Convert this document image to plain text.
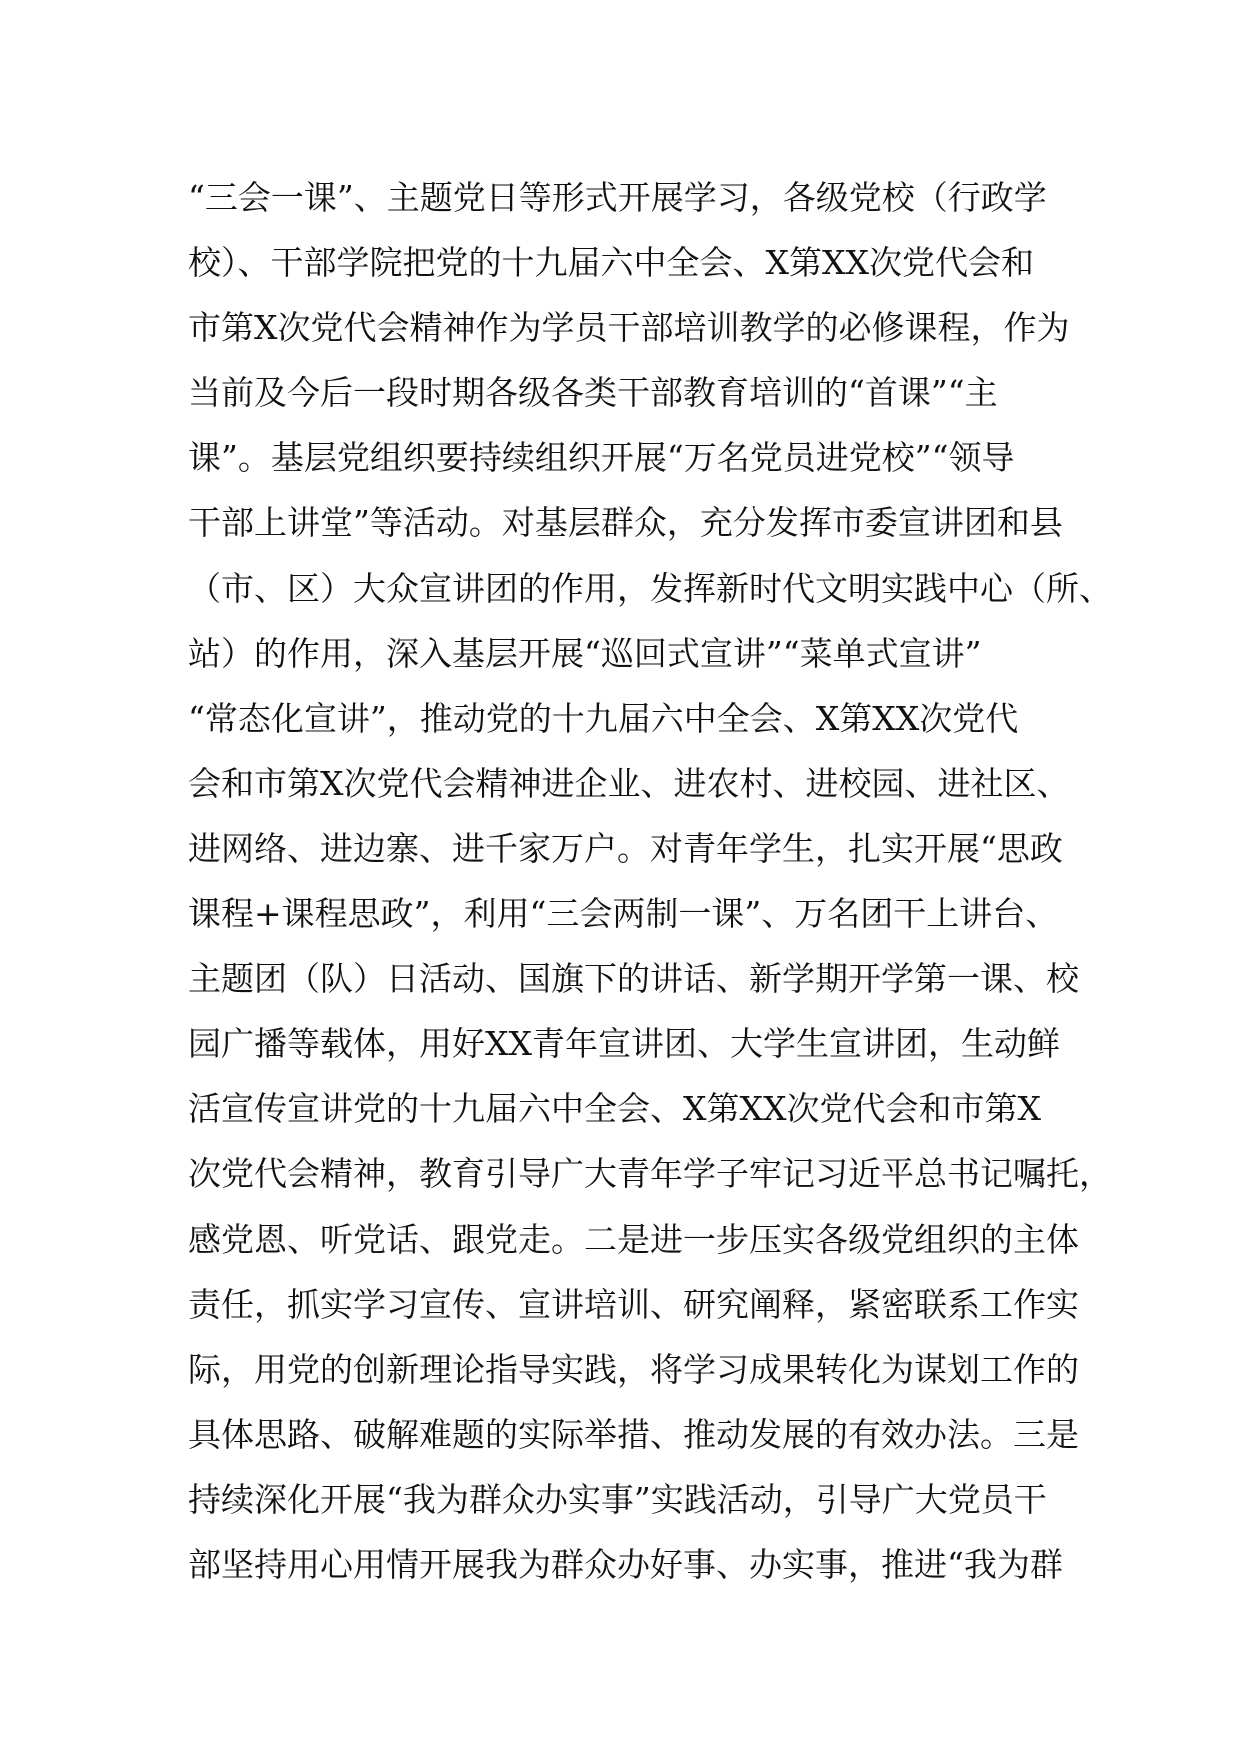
“三会一课”、主题党日等形式开展学习，各级党校（行政学
校）、干部学院把党的十九届六中全会、X第XX次党代会和
市第X次党代会精神作为学员干部培训教学的必修课程，作为
当前及今后一段时期各级各类干部教育培训的“首课”“主
课”。基层党组织要持续组织开展“万名党员进党校”“领导
干部上讲堂”等活动。对基层群众，充分发挥市委宣讲团和县
（市、区）大众宣讲团的作用，发挥新时代文明实践中心（所、
站）的作用，深入基层开展“巡回式宣讲”“菜单式宣讲”
“常态化宣讲”，推动党的十九届六中全会、X第XX次党代
会和市第X次党代会精神进企业、进农村、进校园、进社区、
进网络、进边寨、进千家万户。对青年学生，扎实开展“思政
课程+课程思政”，利用“三会两制一课”、万名团干上讲台、
主题团（队）日活动、国旗下的讲话、新学期开学第一课、校
园广播等载体，用好XX青年宣讲团、大学生宣讲团，生动鲜
活宣传宣讲党的十九届六中全会、X第XX次党代会和市第X
次党代会精神，教育引导广大青年学子牢记习近平总书记嘱托，
感党恩、听党话、跟党走。二是进一步压实各级党组织的主体
责任，抓实学习宣传、宣讲培训、研究阐释，紧密联系工作实
际，用党的创新理论指导实践，将学习成果转化为谋划工作的
具体思路、破解难题的实际举措、推动发展的有效办法。三是
持续深化开展“我为群众办实事”实践活动，引导广大党员干
部坚持用心用情开展我为群众办好事、办实事，推进“我为群
